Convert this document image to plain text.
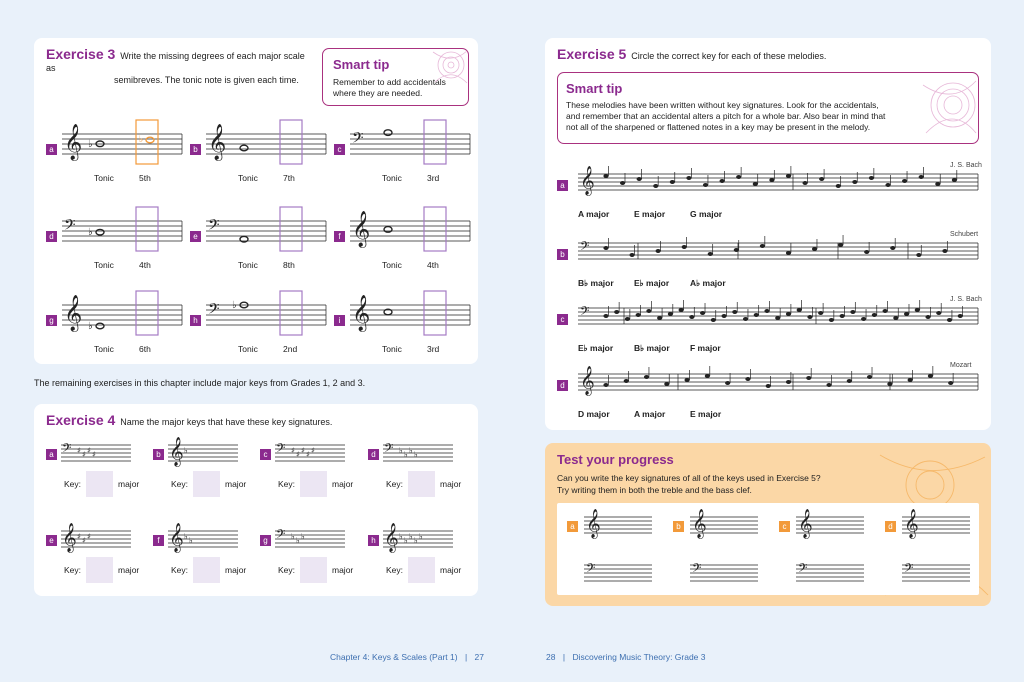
Exercise 3 Write the missing degrees of each major scale as
semibreves. The tonic note is given each time.
Smart tip
Remember to add accidentals
where they are needed.
a 𝄞 ♭	♭
Tonic	5th
b 𝄞
Tonic	7th
c 𝄢
Tonic	3rd
d 𝄢 ♭
Tonic	4th
e 𝄢
Tonic	8th
f 𝄞
Tonic	4th
g 𝄞 ♭
Tonic	6th
h 𝄢 ♭
Tonic	2nd
i 𝄞
Tonic	3rd
The remaining exercises in this chapter include major keys from Grades 1, 2 and 3.
Exercise 4 Name the major keys that have these key signatures.
a 𝄢 ♯ ♯ ♯ ♯
Key:	major
b 𝄞 ♭
Key:	major
c 𝄢 ♯ ♯ ♯ ♯ ♯
Key:	major
d 𝄢 ♭ ♭ ♭ ♭
Key:	major
e 𝄞 ♯ ♯ ♯
Key:	major
f 𝄞 ♭ ♭
Key:	major
g 𝄢 ♭ ♭ ♭
Key:	major
h 𝄞 ♭ ♭ ♭ ♭ ♭
Key:	major
Exercise 5 Circle the correct key for each of these melodies.
Smart tip
These melodies have been written without key signatures. Look for the accidentals,
and remember that an accidental alters a pitch for a whole bar. Also bear in mind that
not all of the sharpened or flattened notes in a key may be present in the melody.
J. S. Bach
a 𝄞
A major	E major	G major
Schubert
b 𝄢
B♭ major E♭ major A♭ major
J. S. Bach
c 𝄢
E♭ major B♭ major F major
Mozart
d 𝄞
D major	A major	E major
Test your progress
Can you write the key signatures of all of the keys used in Exercise 5?
Try writing them in both the treble and the bass clef.
a 𝄞
𝄢
b 𝄞
𝄢
c 𝄞
𝄢
d 𝄞
𝄢
Chapter 4: Keys & Scales (Part 1) | 27	28 | Discovering Music Theory: Grade 3
